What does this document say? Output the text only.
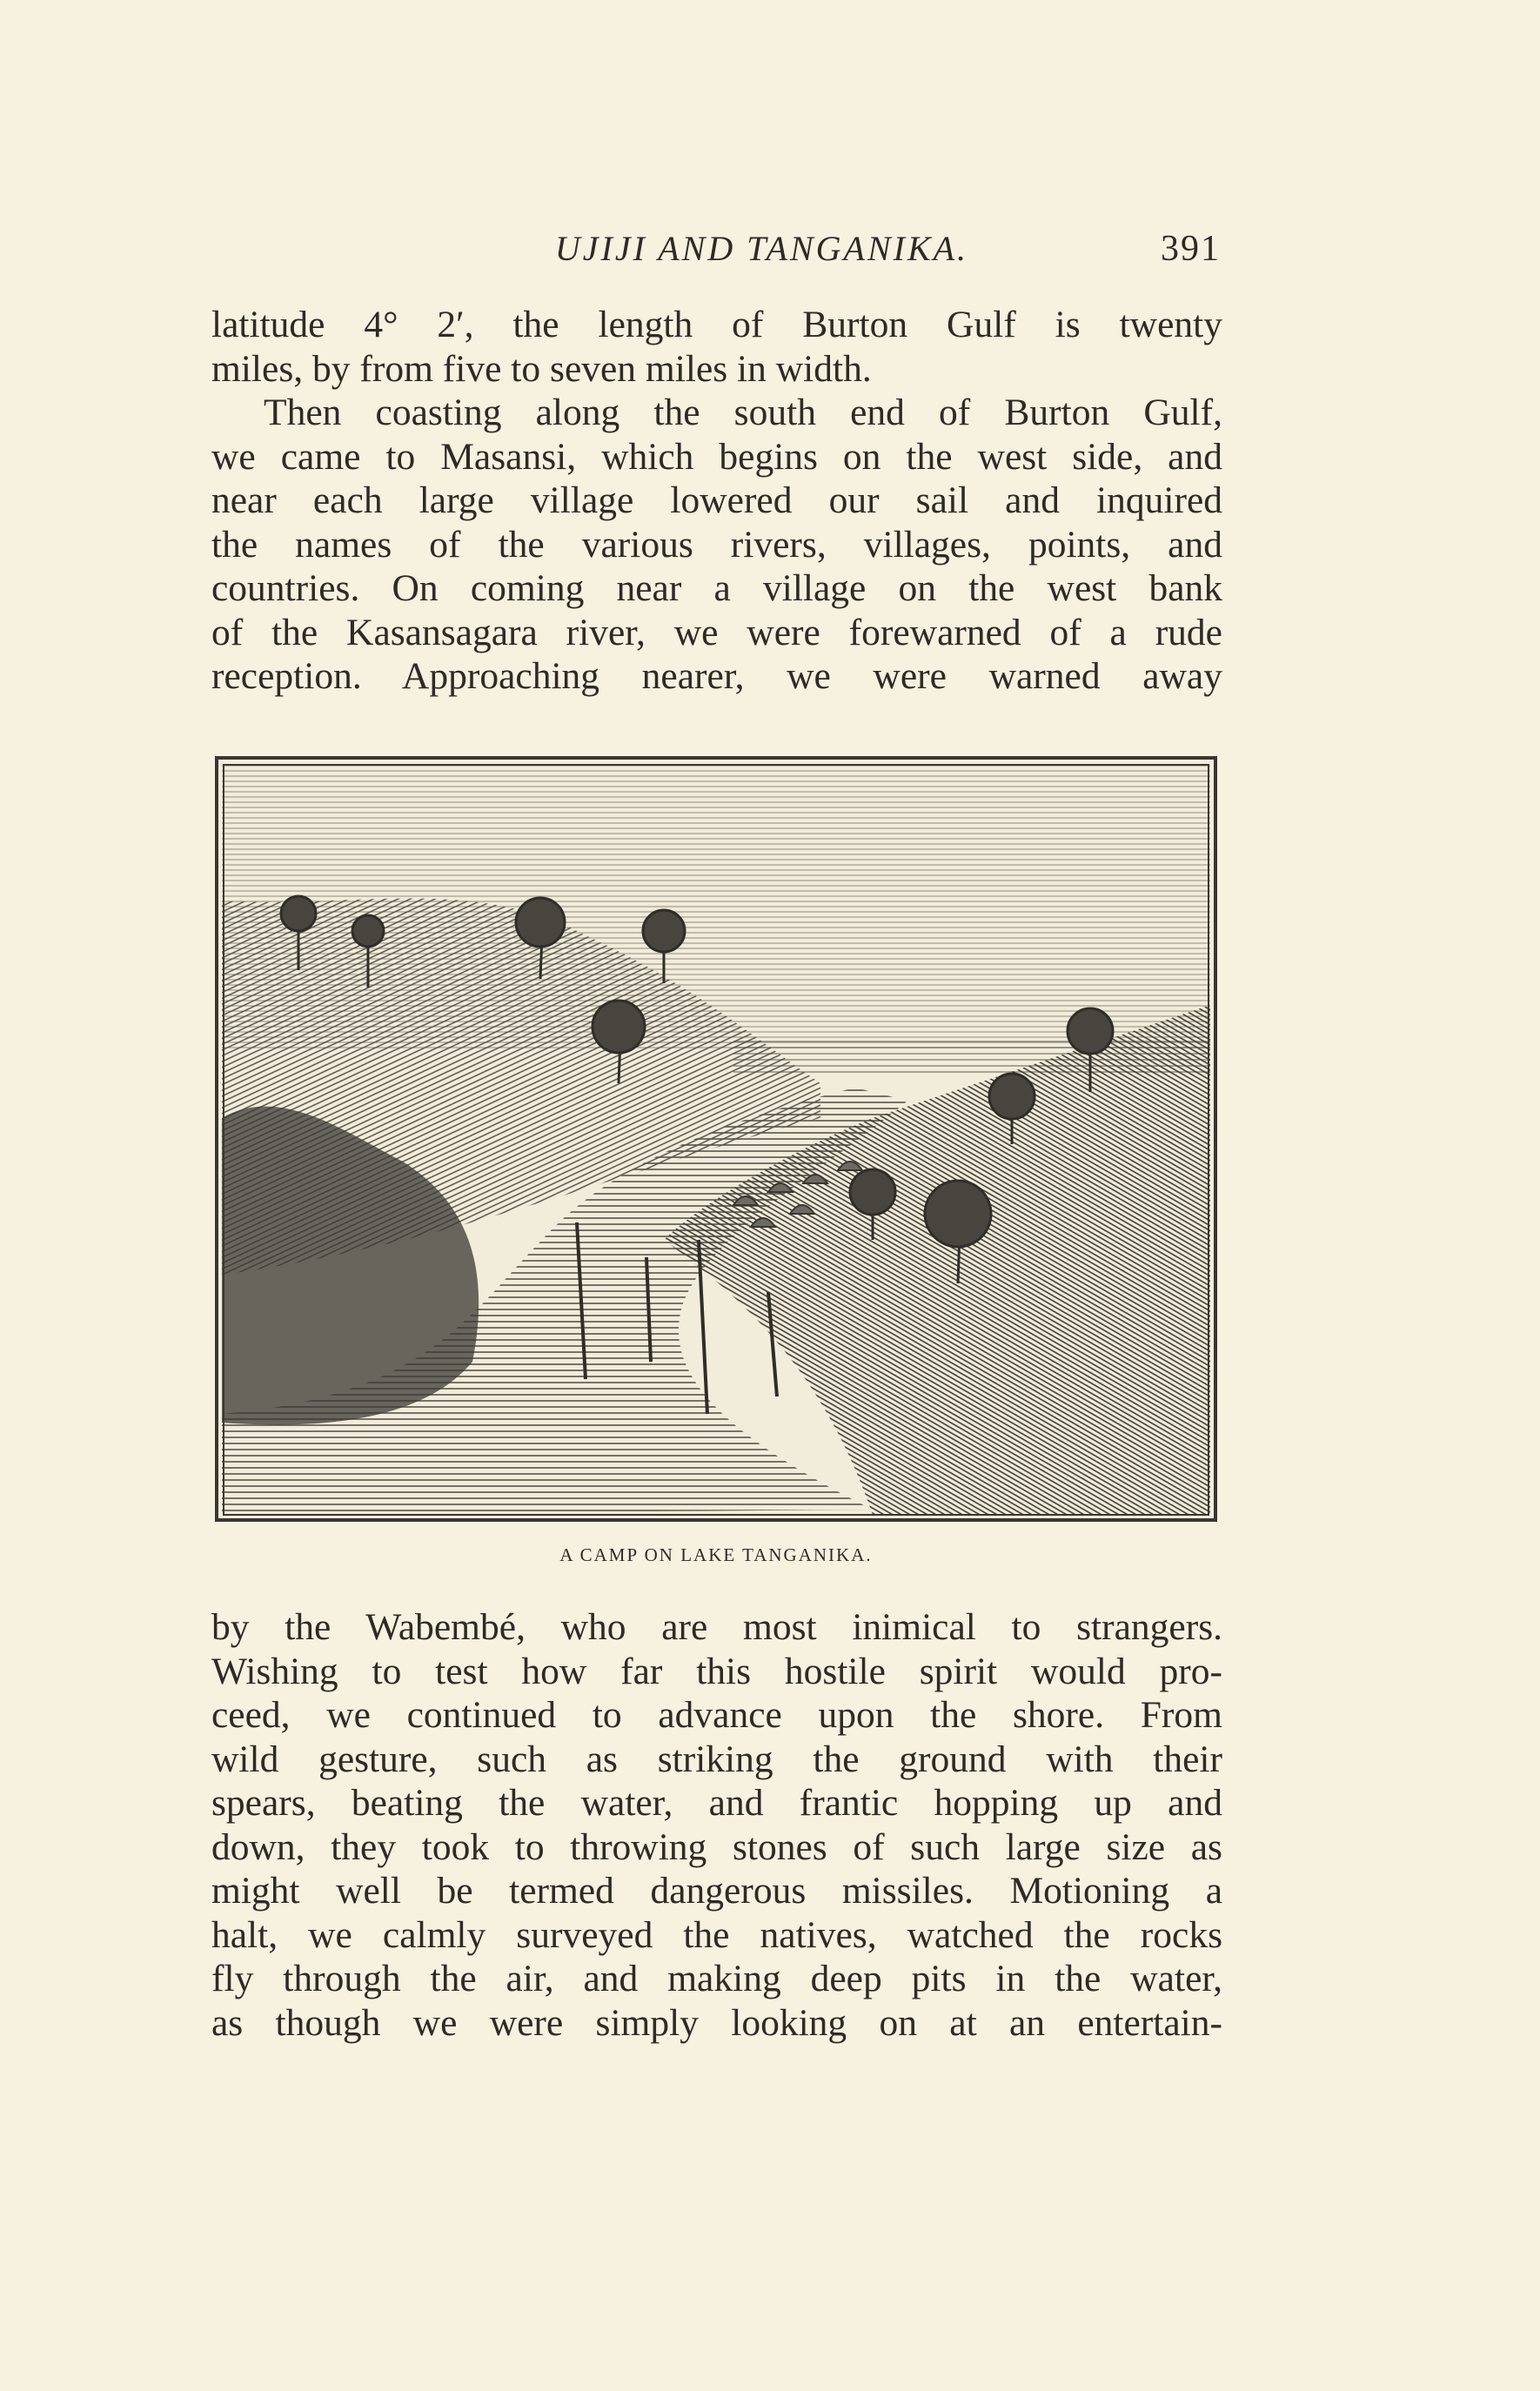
UJIJI AND TANGANIKA.	391
latitude 4° 2′, the length of Burton Gulf is twenty
miles, by from five to seven miles in width.
Then coasting along the south end of Burton Gulf,
we came to Masansi, which begins on the west side, and
near each large village lowered our sail and inquired
the names of the various rivers, villages, points, and
countries. On coming near a village on the west bank
of the Kasansagara river, we were forewarned of a rude
reception. Approaching nearer, we were warned away
A CAMP ON LAKE TANGANIKA.
by the Wabembé, who are most inimical to strangers.
Wishing to test how far this hostile spirit would pro-
ceed, we continued to advance upon the shore. From
wild gesture, such as striking the ground with their
spears, beating the water, and frantic hopping up and
down, they took to throwing stones of such large size as
might well be termed dangerous missiles. Motioning a
halt, we calmly surveyed the natives, watched the rocks
fly through the air, and making deep pits in the water,
as though we were simply looking on at an entertain-
